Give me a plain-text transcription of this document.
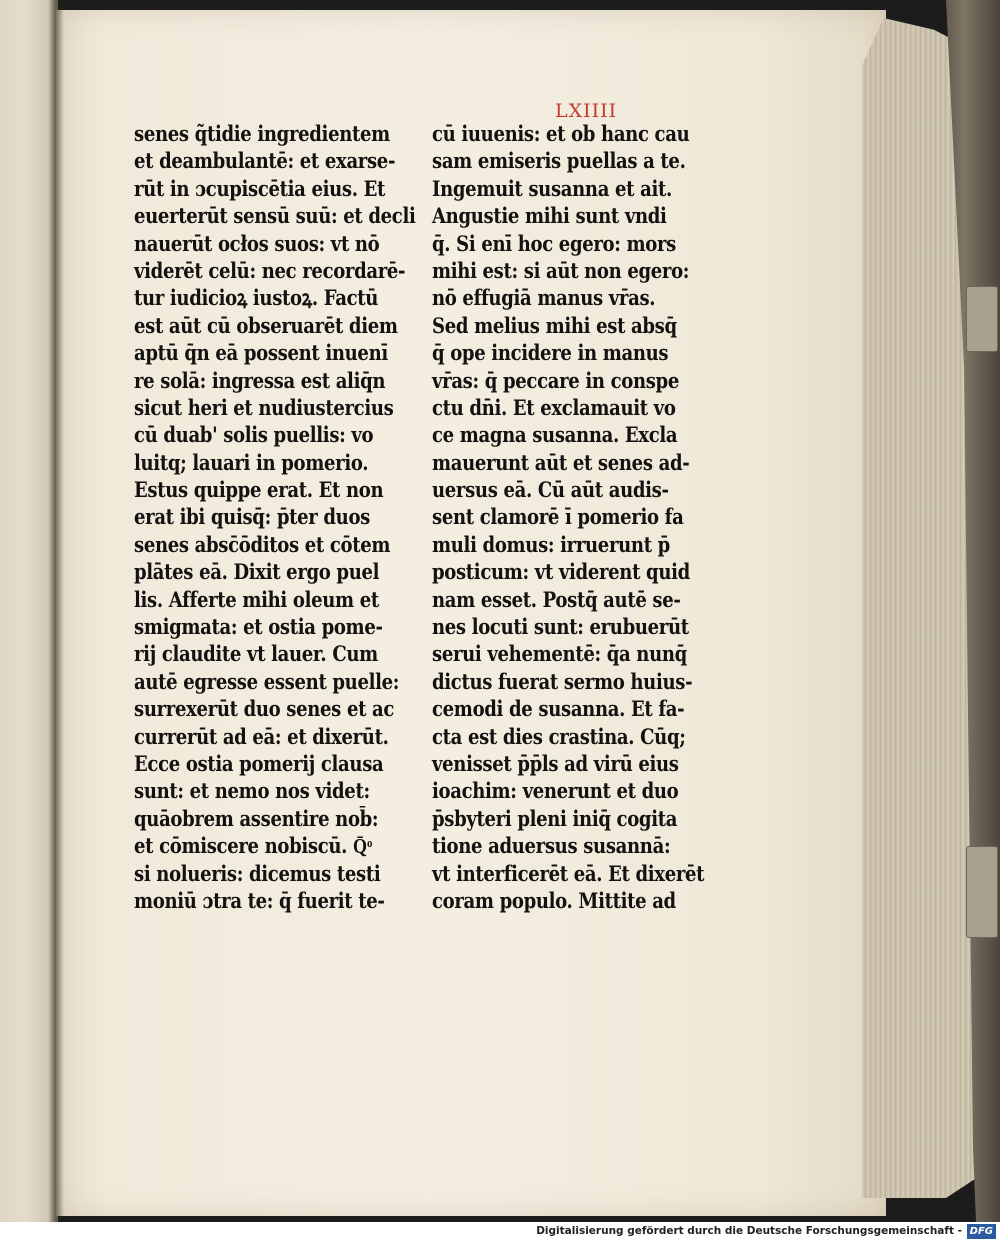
LXIIII
senes q̃tidie ingredientem
et deambulantē: et exarse-
rūt in ɔcupiscētia eius. Et
euerterūt sensū suū: et decli
nauerūt ocłos suos: vt nō
viderēt celū: nec recordarē-
tur iudicioꝝ iustoꝝ. Factū
est aūt cū obseruarēt diem
aptū q̄n eā possent inuenī
re solā: ingressa est aliq̄n
sicut heri et nudiustercius
cū duab' solis puellis: vo
luitq; lauari in pomerio.
Estus quippe erat. Et non
erat ibi quisq̄: p̄ter duos
senes absc̄ōditos et cōtem
plātes eā. Dixit ergo puel
lis. Afferte mihi oleum et
smigmata: et ostia pome-
rij claudite vt lauer. Cum
autē egresse essent puelle:
surrexerūt duo senes et ac
currerūt ad eā: et dixerūt.
Ecce ostia pomerij clausa
sunt: et nemo nos videt:
quāobrem assentire nob̄:
et cōmiscere nobiscū. Q̄ͦ
si nolueris: dicemus testi
moniū ɔtra te: q̄ fuerit te-
cū iuuenis: et ob hanc cau
sam emiseris puellas a te.
Ingemuit susanna et ait.
Angustie mihi sunt vndi
q̄. Si enī hoc egero: mors
mihi est: si aūt non egero:
nō effugiā manus vr̄as.
Sed melius mihi est absq̄
q̄ ope incidere in manus
vr̄as: q̄ peccare in conspe
ctu dn̄i. Et exclamauit vo
ce magna susanna. Excla
mauerunt aūt et senes ad-
uersus eā. Cū aūt audis-
sent clamorē ī pomerio fa
muli domus: irruerunt p̄
posticum: vt viderent quid
nam esset. Postq̄ autē se-
nes locuti sunt: erubuerūt
serui vehementē: q̄a nunq̄
dictus fuerat sermo huius-
cemodi de susanna. Et fa-
cta est dies crastina. Cūq;
venisset p̄p̄ls ad virū eius
ioachim: venerunt et duo
p̄sbyteri pleni iniq̄ cogita
tione aduersus susannā:
vt interficerēt eā. Et dixerēt
coram populo. Mittite ad
Digitalisierung gefördert durch die Deutsche Forschungsgemeinschaft - DFG
